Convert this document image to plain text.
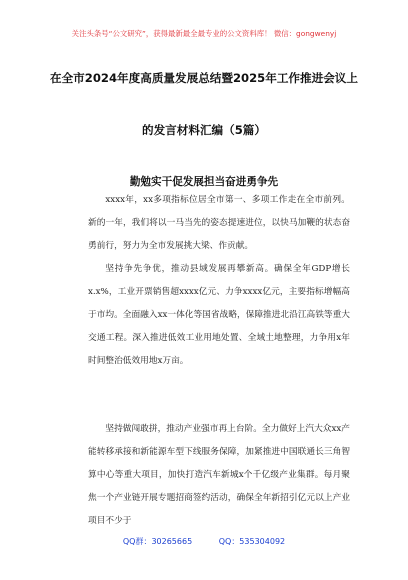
关注头条号“公文研究”，获得最新最全最专业的公文资料库！ 微信：gongwenyj
在全市2024年度高质量发展总结暨2025年工作推进会议上
的发言材料汇编（5篇）
勤勉实干促发展担当奋进勇争先

xxxx年，xx多项指标位居全市第一、多项工作走在全市前列。新的一年，我们将以一马当先的姿态提速进位，以快马加鞭的状态奋勇前行，努力为全市发展挑大梁、作贡献。

坚持争先争优，推动县域发展再攀新高。确保全年GDP增长x.x%，工业开票销售超xxxx亿元、力争xxxx亿元，主要指标增幅高于市均。全面融入xx一体化等国省战略，保障推进北沿江高铁等重大交通工程。深入推进低效工业用地处置、全域土地整理，力争用x年时间整治低效用地x万亩。

坚持做闯敢拼，推动产业强市再上台阶。全力做好上汽大众xx产能转移承接和新能源车型下线服务保障，加紧推进中国联通长三角智算中心等重大项目，加快打造汽车新城x个千亿级产业集群。每月聚焦一个产业链开展专题招商签约活动，确保全年新招引亿元以上产业项目不少于

QQ群：30265665	QQ：535304092
